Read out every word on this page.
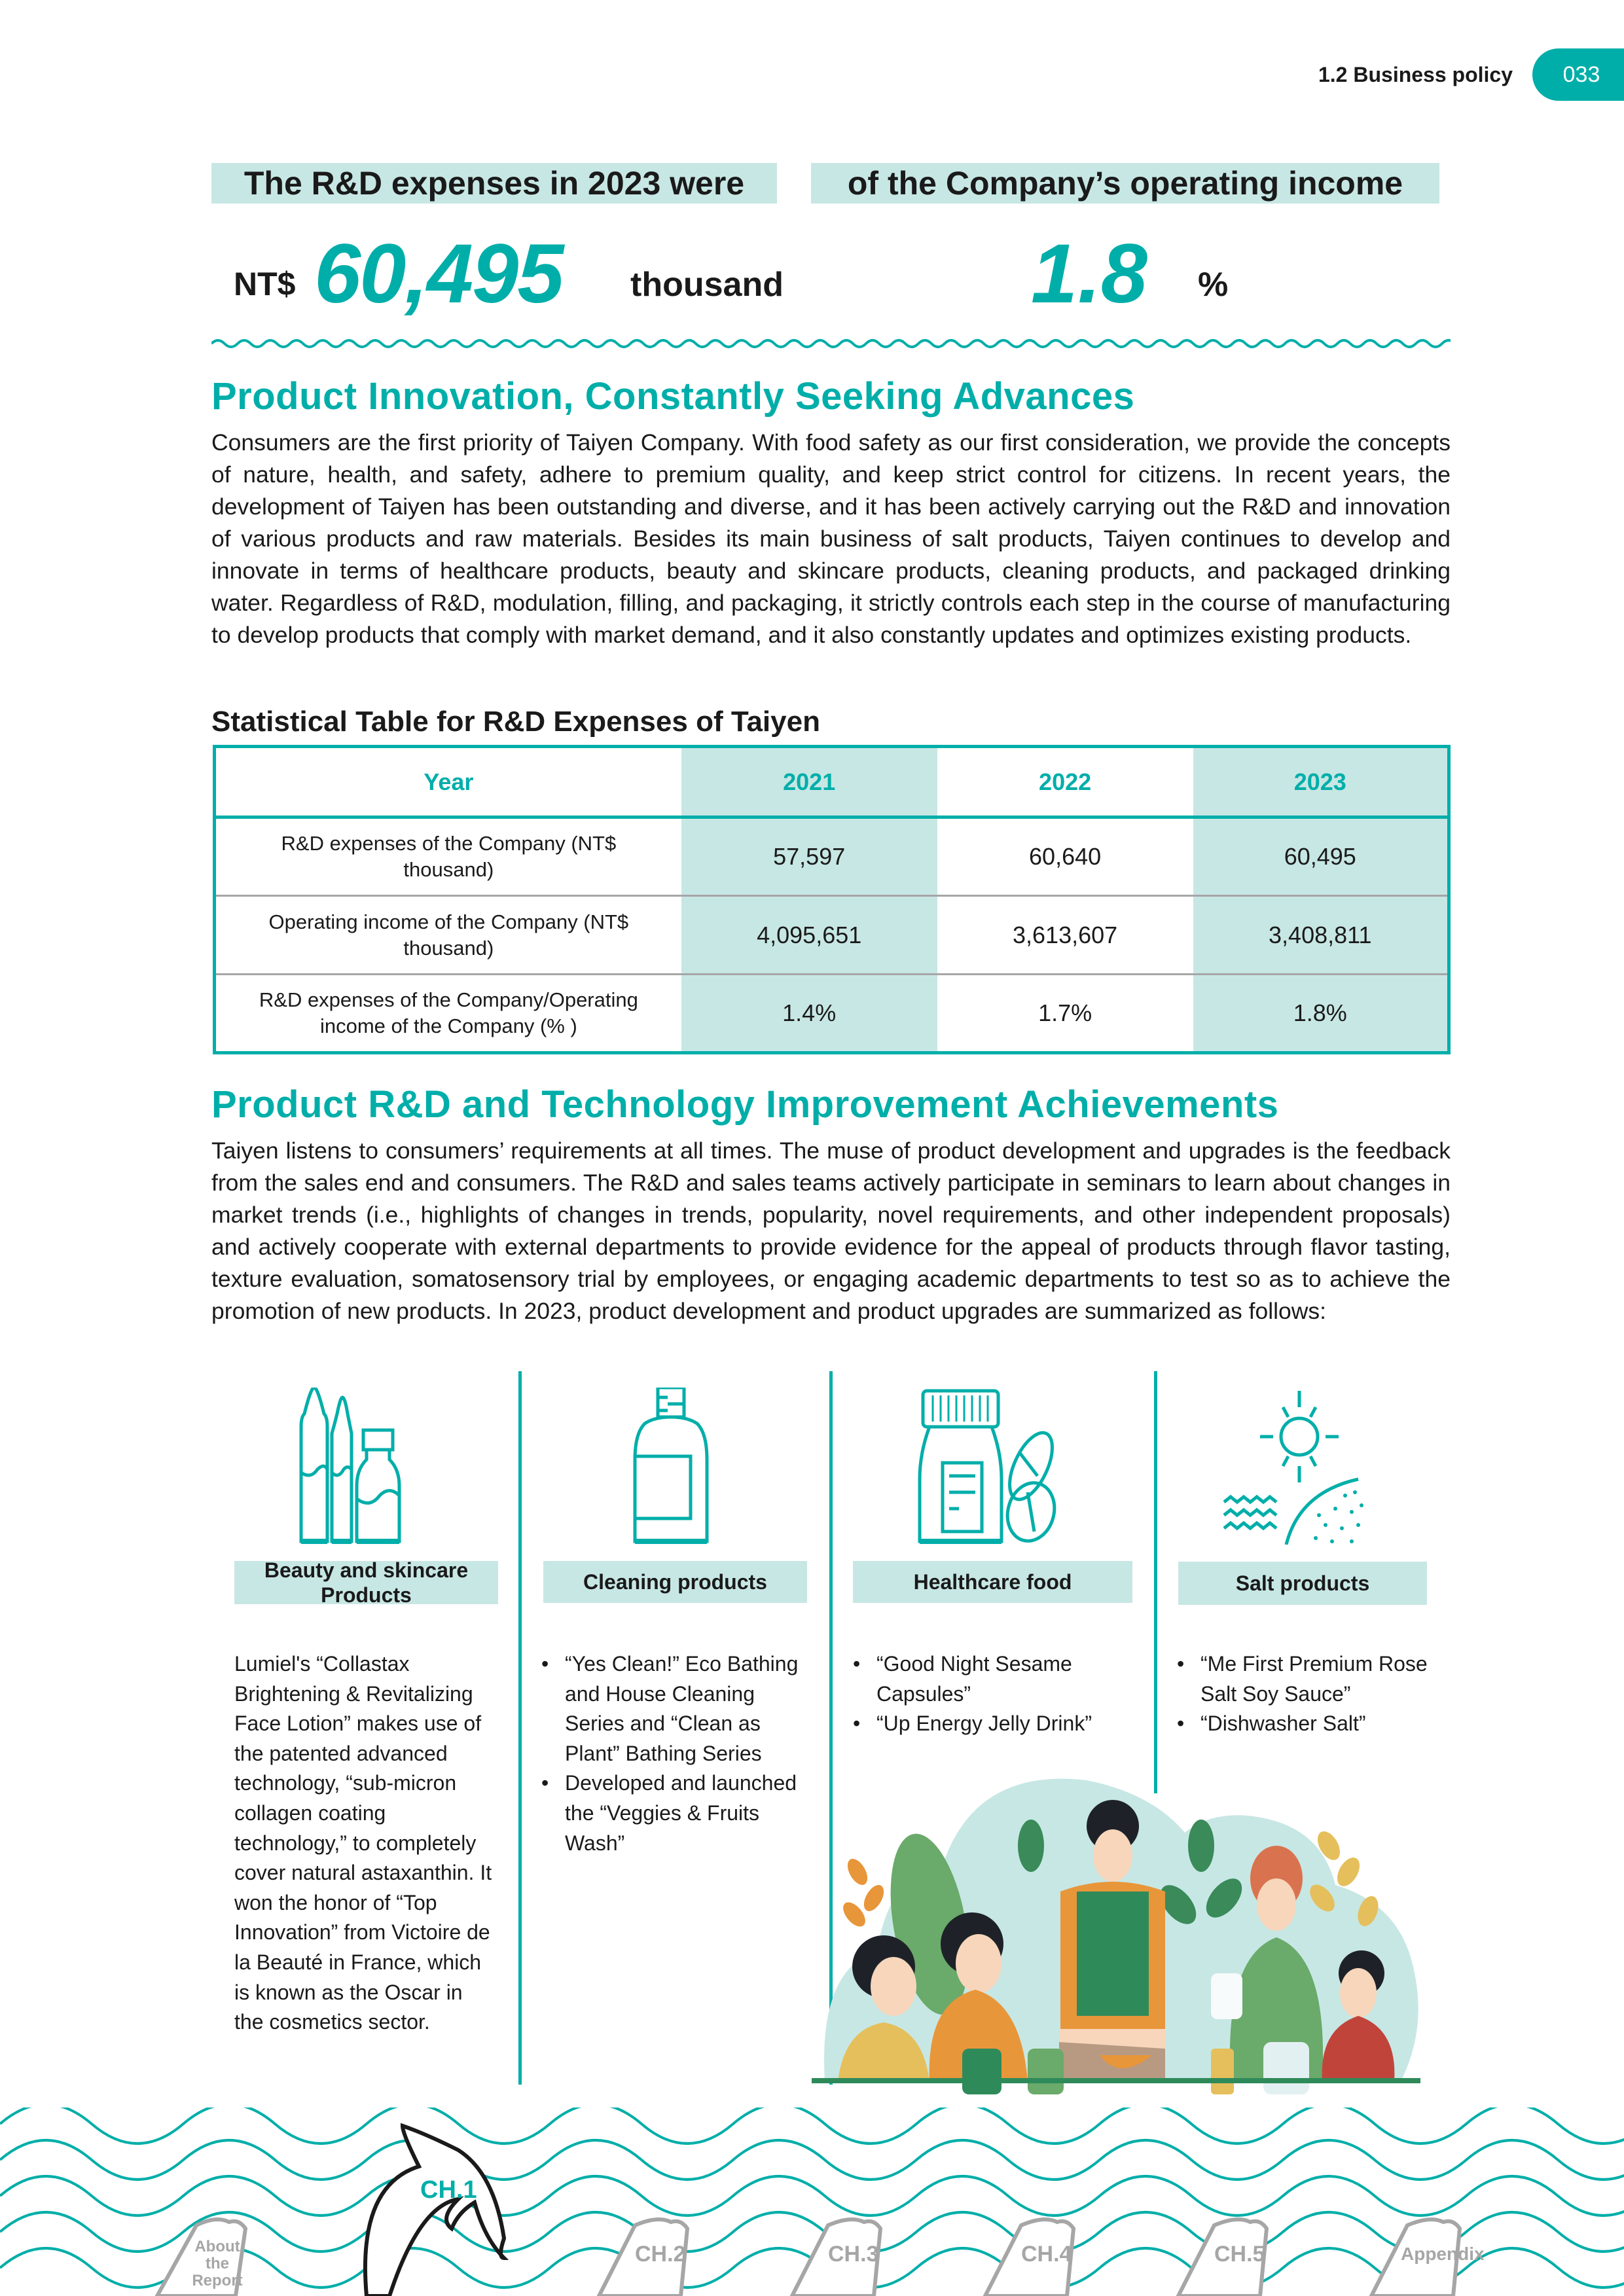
1.2 Business policy	033
The R&D expenses in 2023 were	of the Company’s operating income
NT$ 60,495 thousand	1.8 %
Product Innovation, Constantly Seeking Advances
Consumers are the first priority of Taiyen Company. With food safety as our first consideration, we provide the concepts of nature, health, and safety, adhere to premium quality, and keep strict control for citizens. In recent years, the development of Taiyen has been outstanding and diverse, and it has been actively carrying out the R&D and innovation of various products and raw materials. Besides its main business of salt products, Taiyen continues to develop and innovate in terms of healthcare products, beauty and skincare products, cleaning products, and packaged drinking water. Regardless of R&D, modulation, filling, and packaging, it strictly controls each step in the course of manufacturing to develop products that comply with market demand, and it also constantly updates and optimizes existing products.
Statistical Table for R&D Expenses of Taiyen
Year	2021	2022	2023
R&D expenses of the Company (NT$ thousand)	57,597	60,640	60,495
Operating income of the Company (NT$ thousand)	4,095,651	3,613,607	3,408,811
R&D expenses of the Company/Operating income of the Company (% )	1.4%	1.7%	1.8%
Product R&D and Technology Improvement Achievements
Taiyen listens to consumers’ requirements at all times. The muse of product development and upgrades is the feedback from the sales end and consumers. The R&D and sales teams actively participate in seminars to learn about changes in market trends (i.e., highlights of changes in trends, popularity, novel requirements, and other independent proposals) and actively cooperate with external departments to provide evidence for the appeal of products through flavor tasting, texture evaluation, somatosensory trial by employees, or engaging academic departments to test so as to achieve the promotion of new products. In 2023, product development and product upgrades are summarized as follows:
Beauty and skincare Products
Cleaning products	Healthcare food	Salt products
Lumiel's “Collastax Brightening & Revitalizing Face Lotion” makes use of the patented advanced technology, “sub-micron collagen coating technology,” to completely cover natural astaxanthin. It won the honor of “Top Innovation” from Victoire de la Beauté in France, which is known as the Oscar in the cosmetics sector.
• “Yes Clean!” Eco Bathing and House Cleaning Series and “Clean as Plant” Bathing Series
• Developed and launched the “Veggies & Fruits Wash”
• “Good Night Sesame Capsules”
• “Up Energy Jelly Drink”
• “Me First Premium Rose Salt Soy Sauce”
• “Dishwasher Salt”
CH.1
About the Report
CH.2	CH.3	CH.4	CH.5	Appendix
